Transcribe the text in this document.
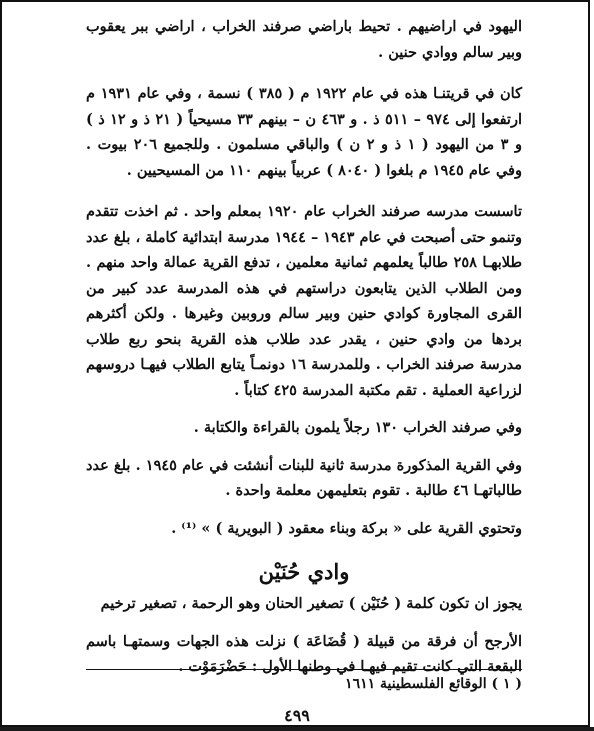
اليهود في اراضيهم . تحيط باراضي صرفند الخراب ، اراضي ببر يعقوب وبير سالم ووادي حنين .

كان في قريتنـا هذه في عام ١٩٢٢ م ( ٣٨٥ ) نسمة ، وفي عام ١٩٣١ م ارتفعوا إلى ٩٧٤ – ٥١١ ذ . و ٤٦٣ ن – بينهم ٣٣ مسيحياً ( ٢١ ذ و ١٢ ذ ) و ٣ من اليهود ( ١ ذ و ٢ ن ) والباقي مسلمون . وللجميع ٢٠٦ بيوت . وفي عام ١٩٤٥ م بلغوا ( ٨٠٤٠ ) عربياً بينهم ١١٠ من المسيحيين .

تاسست مدرسه صرفند الخراب عام ١٩٢٠ بمعلم واحد . ثم اخذت تتقدم وتنمو حتى أصبحت في عام ١٩٤٣ – ١٩٤٤ مدرسة ابتدائية كاملة ، بلغ عدد طلابهـا ٢٥٨ طالباً يعلمهم ثمانية معلمين ، تدفع القرية عمالة واحد منهم . ومن الطلاب الذين يتابعون دراستهم في هذه المدرسة عدد كبير من القرى المجاورة كوادي حنين وبير سالم وروبين وغيرها . ولكن أكثرهم بردها من وادي حنين ، يقدر عدد طلاب هذه القرية بنحو ربع طلاب مدرسة صرفند الخراب . وللمدرسة ١٦ دونمـاً يتابع الطلاب فيهـا دروسهم لزراعية العملية . تقم مكتبة المدرسة ٤٢٥ كتاباً .

وفي صرفند الخراب ١٣٠ رجلاً يلمون بالقراءة والكتابة .

وفي القرية المذكورة مدرسة ثانية للبنات أنشئت في عام ١٩٤٥ . بلغ عدد طالباتهـا ٤٦ طالبة . تقوم بتعليمهن معلمة واحدة .

وتحتوي القرية على « بركة وبناء معقود ( البويرية ) » ⁽¹⁾ .

وادي حُنَيْن

يجوز ان تكون كلمة ( حُنَيْن ) تصغير الحنان وهو الرحمة ، تصغير ترخيم

الأرجح أن فرقة من قبيلة ( قُضَاعَة ) نزلت هذه الجهات وسمتهـا باسم البقعة التي كانت تقيم فيهـا في وطنها الأول : حَضْرَمَوْت .

( ١ ) الوقائع الفلسطينية ١٦١١
٤٩٩
